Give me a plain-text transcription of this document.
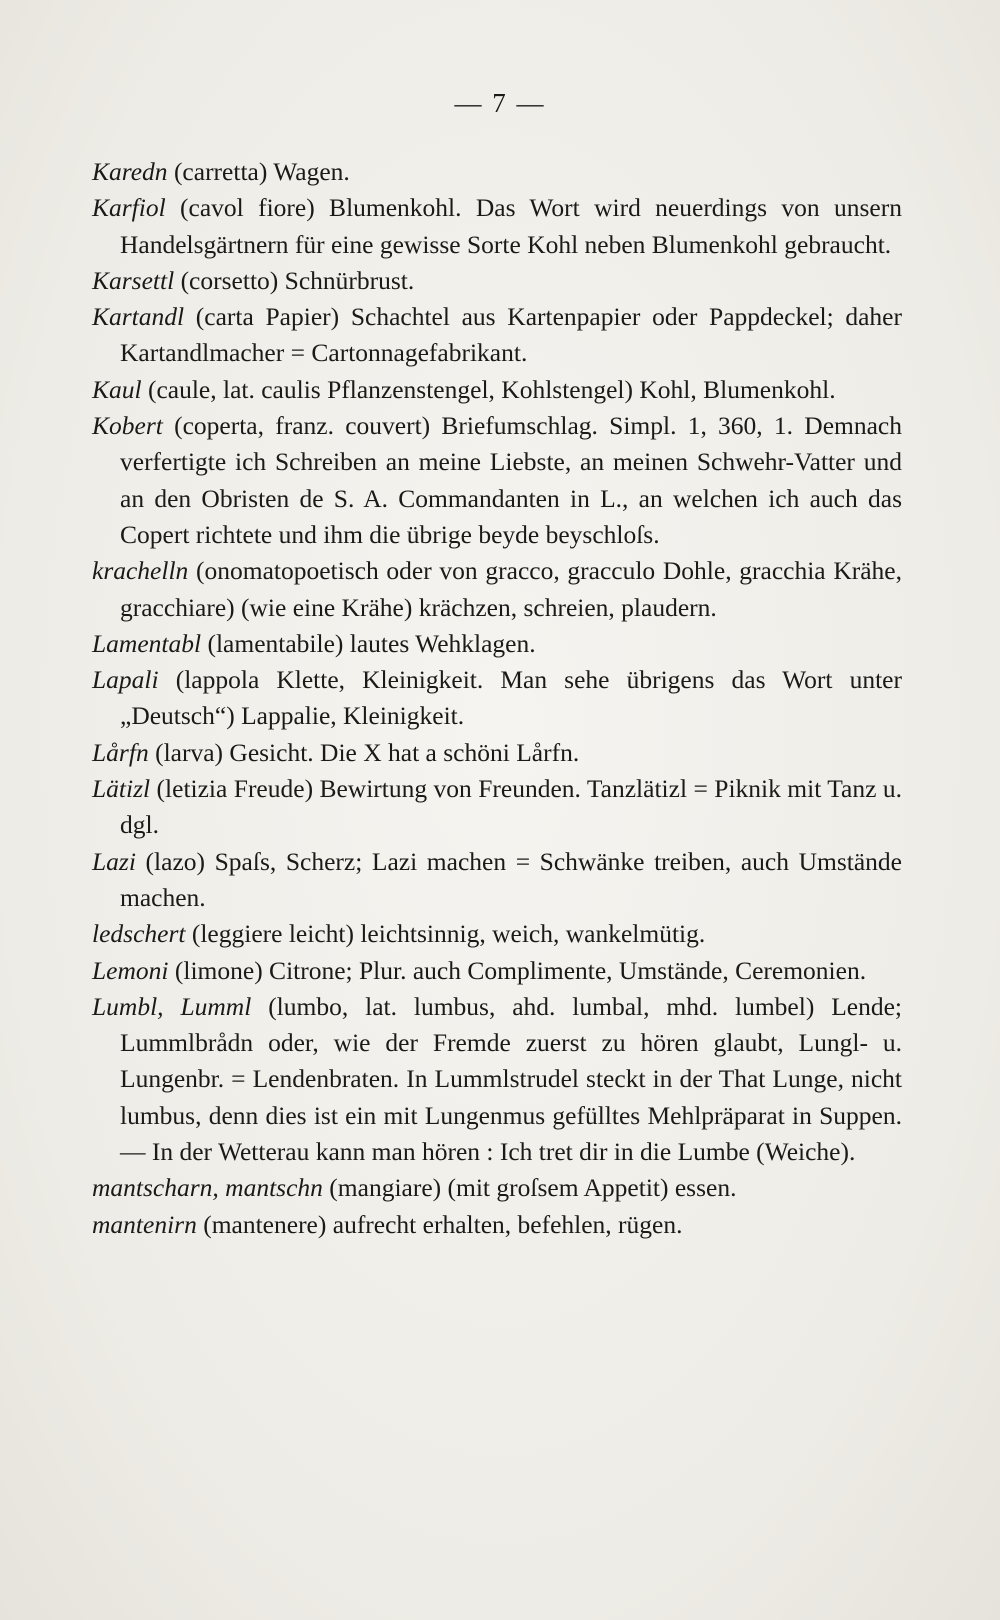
— 7 —

Karedn (carretta) Wagen.

Karfiol (cavol fiore) Blumenkohl. Das Wort wird neuerdings von unsern Handelsgärtnern für eine gewisse Sorte Kohl neben Blumenkohl gebraucht.

Karsettl (corsetto) Schnürbrust.

Kartandl (carta Papier) Schachtel aus Kartenpapier oder Pappdeckel; daher Kartandlmacher = Cartonnagefabrikant.

Kaul (caule, lat. caulis Pflanzenstengel, Kohlstengel) Kohl, Blumenkohl.

Kobert (coperta, franz. couvert) Briefumschlag. Simpl. 1, 360, 1. Demnach verfertigte ich Schreiben an meine Liebste, an meinen Schwehr-Vatter und an den Obristen de S. A. Commandanten in L., an welchen ich auch das Copert richtete und ihm die übrige beyde beyschloſs.

krachelln (onomatopoetisch oder von gracco, gracculo Dohle, gracchia Krähe, gracchiare) (wie eine Krähe) krächzen, schreien, plaudern.

Lamentabl (lamentabile) lautes Wehklagen.

Lapali (lappola Klette, Kleinigkeit. Man sehe übrigens das Wort unter „Deutsch“) Lappalie, Kleinigkeit.

Lårfn (larva) Gesicht. Die X hat a schöni Lårfn.

Lätizl (letizia Freude) Bewirtung von Freunden. Tanzlätizl = Piknik mit Tanz u. dgl.

Lazi (lazo) Spaſs, Scherz; Lazi machen = Schwänke treiben, auch Umstände machen.

ledschert (leggiere leicht) leichtsinnig, weich, wankelmütig.

Lemoni (limone) Citrone; Plur. auch Complimente, Umstände, Ceremonien.

Lumbl, Lumml (lumbo, lat. lumbus, ahd. lumbal, mhd. lumbel) Lende; Lummlbrådn oder, wie der Fremde zuerst zu hören glaubt, Lungl- u. Lungenbr. = Lendenbraten. In Lummlstrudel steckt in der That Lunge, nicht lumbus, denn dies ist ein mit Lungenmus gefülltes Mehlpräparat in Suppen. — In der Wetterau kann man hören : Ich tret dir in die Lumbe (Weiche).

mantscharn, mantschn (mangiare) (mit groſsem Appetit) essen.

mantenirn (mantenere) aufrecht erhalten, befehlen, rügen.
